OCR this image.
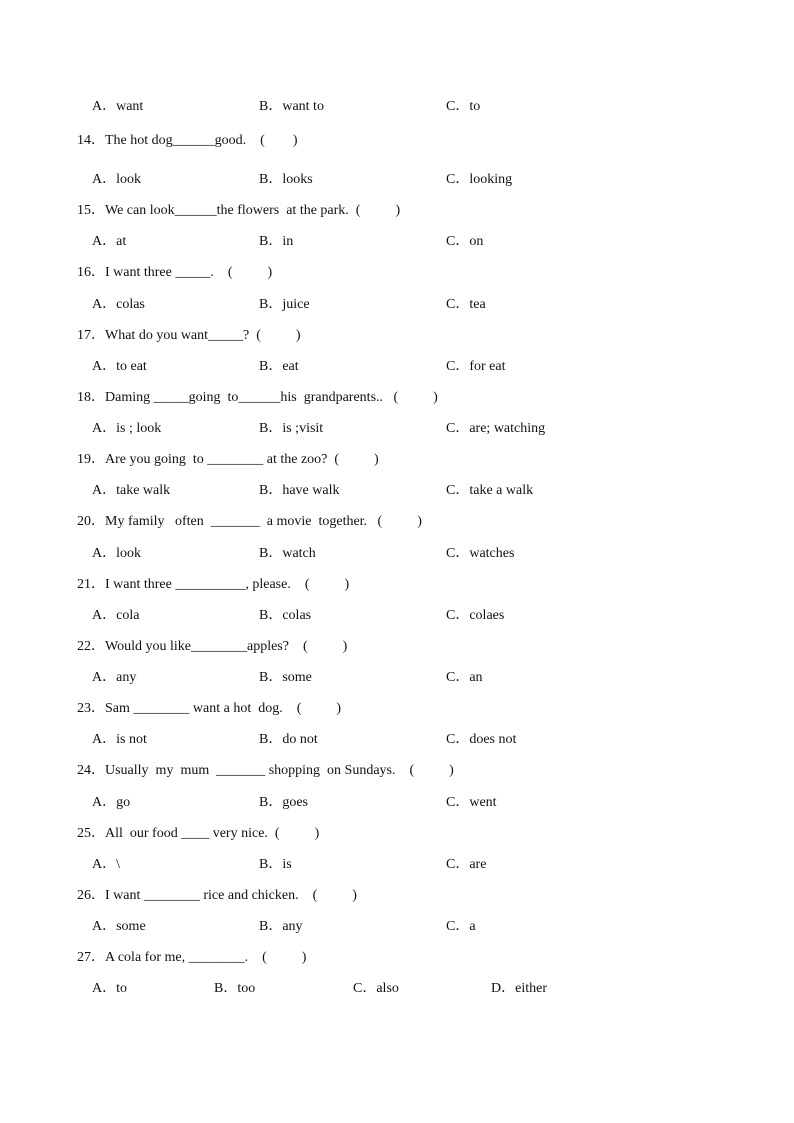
A．want	B．want to	C．to
14．The hot dog______good.    (        )
A．look	B．looks	C．looking
15．We can look______the flowers  at the park.  (          )
A．at	B．in	C．on
16．I want three _____.    (          )
A．colas	B．juice	C．tea
17．What do you want_____?  (          )
A．to eat	B．eat	C．for eat
18．Daming _____going  to______his  grandparents..   (          )
A．is ; look	B．is ;visit	C．are; watching
19．Are you going  to ________ at the zoo?  (          )
A．take walk	B．have walk	C．take a walk
20．My family   often  _______  a movie  together.   (          )
A．look	B．watch	C．watches
21．I want three __________, please.    (          )
A．cola	B．colas	C．colaes
22．Would you like________apples?    (          )
A．any	B．some	C．an
23．Sam ________ want a hot  dog.    (          )
A．is not	B．do not	C．does not
24．Usually  my  mum  _______ shopping  on Sundays.    (          )
A．go	B．goes	C．went
25．All  our food ____ very nice.  (          )
A．\	B．is	C．are
26．I want ________ rice and chicken.    (          )
A．some	B．any	C．a
27．A cola for me, ________.    (          )
A．to	B．too	C．also	D．either
